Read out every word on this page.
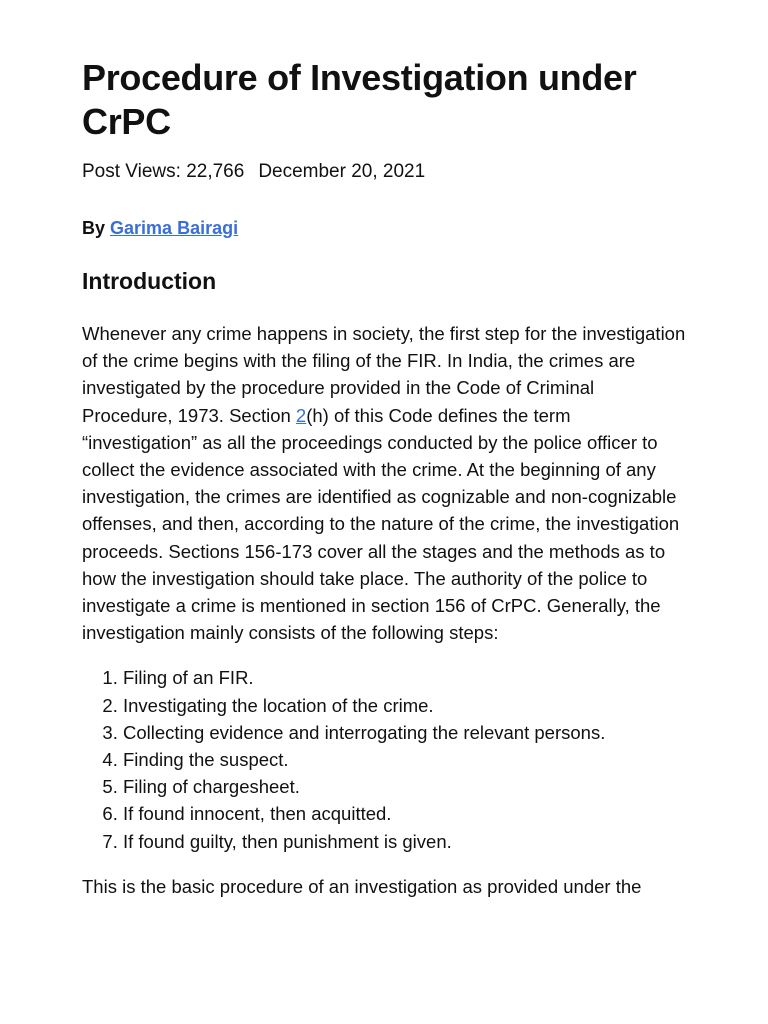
Procedure of Investigation under CrPC
Post Views: 22,766 December 20, 2021
By Garima Bairagi
Introduction
Whenever any crime happens in society, the first step for the investigation of the crime begins with the filing of the FIR. In India, the crimes are investigated by the procedure provided in the Code of Criminal Procedure, 1973. Section 2(h) of this Code defines the term “investigation” as all the proceedings conducted by the police officer to collect the evidence associated with the crime. At the beginning of any investigation, the crimes are identified as cognizable and non-cognizable offenses, and then, according to the nature of the crime, the investigation proceeds. Sections 156-173 cover all the stages and the methods as to how the investigation should take place. The authority of the police to investigate a crime is mentioned in section 156 of CrPC. Generally, the investigation mainly consists of the following steps:
1. Filing of an FIR.
2. Investigating the location of the crime.
3. Collecting evidence and interrogating the relevant persons.
4. Finding the suspect.
5. Filing of chargesheet.
6. If found innocent, then acquitted.
7. If found guilty, then punishment is given.
This is the basic procedure of an investigation as provided under the
